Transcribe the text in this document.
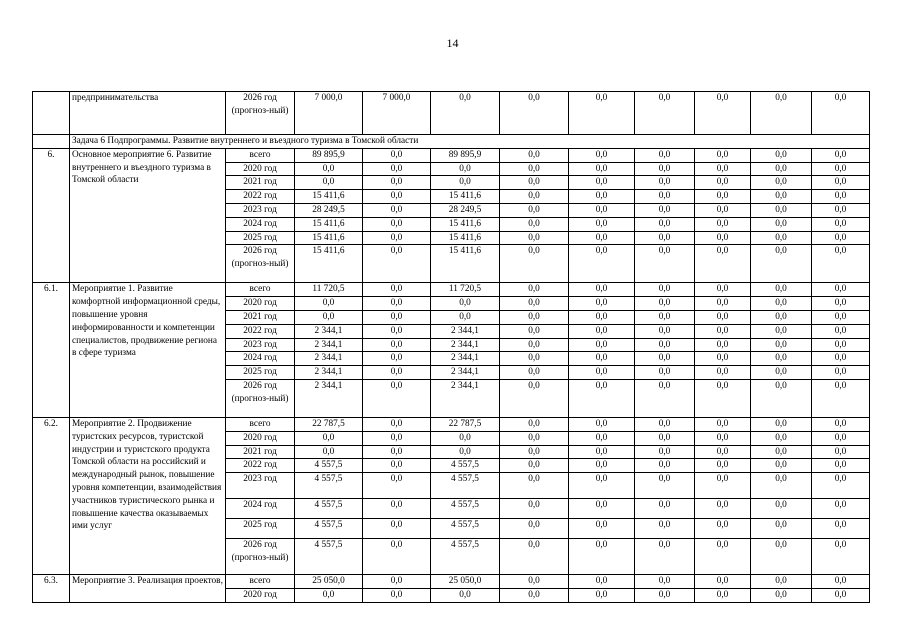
14
	предпринимательства	2026 год (прогноз-ный)	7 000,0	7 000,0	0,0	0,0	0,0	0,0	0,0	0,0	0,0
	Задача 6 Подпрограммы. Развитие внутреннего и въездного туризма в Томской области										
6.	Основное мероприятие 6. Развитие внутреннего и въездного туризма в Томской области	всего	89 895,9	0,0	89 895,9	0,0	0,0	0,0	0,0	0,0	0,0
		2020 год	0,0	0,0	0,0	0,0	0,0	0,0	0,0	0,0	0,0
		2021 год	0,0	0,0	0,0	0,0	0,0	0,0	0,0	0,0	0,0
		2022 год	15 411,6	0,0	15 411,6	0,0	0,0	0,0	0,0	0,0	0,0
		2023 год	28 249,5	0,0	28 249,5	0,0	0,0	0,0	0,0	0,0	0,0
		2024 год	15 411,6	0,0	15 411,6	0,0	0,0	0,0	0,0	0,0	0,0
		2025 год	15 411,6	0,0	15 411,6	0,0	0,0	0,0	0,0	0,0	0,0
		2026 год (прогноз-ный)	15 411,6	0,0	15 411,6	0,0	0,0	0,0	0,0	0,0	0,0
6.1.	Мероприятие 1. Развитие комфортной информационной среды, повышение уровня информированности и компетенции специалистов, продвижение региона в сфере туризма	всего	11 720,5	0,0	11 720,5	0,0	0,0	0,0	0,0	0,0	0,0
		2020 год	0,0	0,0	0,0	0,0	0,0	0,0	0,0	0,0	0,0
		2021 год	0,0	0,0	0,0	0,0	0,0	0,0	0,0	0,0	0,0
		2022 год	2 344,1	0,0	2 344,1	0,0	0,0	0,0	0,0	0,0	0,0
		2023 год	2 344,1	0,0	2 344,1	0,0	0,0	0,0	0,0	0,0	0,0
		2024 год	2 344,1	0,0	2 344,1	0,0	0,0	0,0	0,0	0,0	0,0
		2025 год	2 344,1	0,0	2 344,1	0,0	0,0	0,0	0,0	0,0	0,0
		2026 год (прогноз-ный)	2 344,1	0,0	2 344,1	0,0	0,0	0,0	0,0	0,0	0,0
6.2.	Мероприятие 2. Продвижение туристских ресурсов, туристской индустрии и туристского продукта Томской области на российский и международный рынок, повышение уровня компетенции, взаимодействия участников туристического рынка и повышение качества оказываемых ими услуг	всего	22 787,5	0,0	22 787,5	0,0	0,0	0,0	0,0	0,0	0,0
		2020 год	0,0	0,0	0,0	0,0	0,0	0,0	0,0	0,0	0,0
		2021 год	0,0	0,0	0,0	0,0	0,0	0,0	0,0	0,0	0,0
		2022 год	4 557,5	0,0	4 557,5	0,0	0,0	0,0	0,0	0,0	0,0
		2023 год	4 557,5	0,0	4 557,5	0,0	0,0	0,0	0,0	0,0	0,0
		2024 год	4 557,5	0,0	4 557,5	0,0	0,0	0,0	0,0	0,0	0,0
		2025 год	4 557,5	0,0	4 557,5	0,0	0,0	0,0	0,0	0,0	0,0
		2026 год (прогноз-ный)	4 557,5	0,0	4 557,5	0,0	0,0	0,0	0,0	0,0	0,0
6.3.	Мероприятие 3. Реализация проектов,	всего	25 050,0	0,0	25 050,0	0,0	0,0	0,0	0,0	0,0	0,0
		2020 год	0,0	0,0	0,0	0,0	0,0	0,0	0,0	0,0	0,0
